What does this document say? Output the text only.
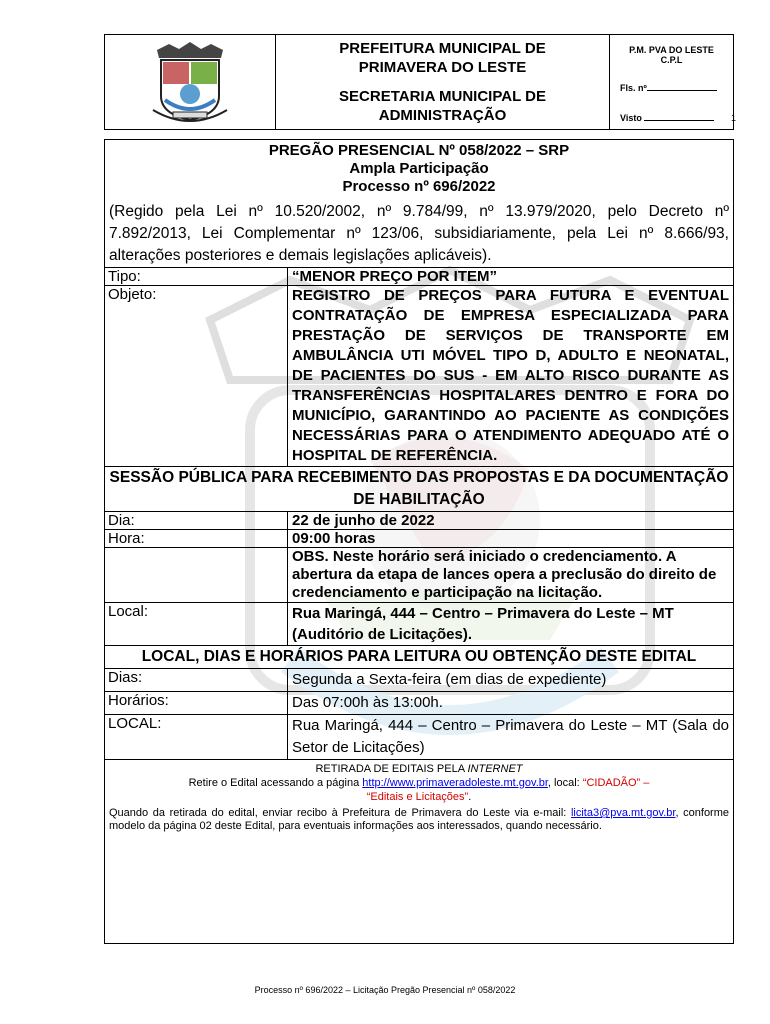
PREFEITURA MUNICIPAL DE
PRIMAVERA DO LESTE
SECRETARIA MUNICIPAL DE
ADMINISTRAÇÃO
P.M. PVA DO LESTE
C.P.L
Fls. nº
Visto	1
PREGÃO PRESENCIAL Nº 058/2022 – SRP
Ampla Participação
Processo nº 696/2022
(Regido pela Lei nº 10.520/2002, nº 9.784/99, nº 13.979/2020, pelo Decreto nº 7.892/2013, Lei Complementar nº 123/06, subsidiariamente, pela Lei nº 8.666/93, alterações posteriores e demais legislações aplicáveis).
Tipo:	“MENOR PREÇO POR ITEM”
Objeto:	REGISTRO DE PREÇOS PARA FUTURA E EVENTUAL CONTRATAÇÃO DE EMPRESA ESPECIALIZADA PARA PRESTAÇÃO DE SERVIÇOS DE TRANSPORTE EM AMBULÂNCIA UTI MÓVEL TIPO D, ADULTO E NEONATAL, DE PACIENTES DO SUS - EM ALTO RISCO DURANTE AS TRANSFERÊNCIAS HOSPITALARES DENTRO E FORA DO MUNICÍPIO, GARANTINDO AO PACIENTE AS CONDIÇÕES NECESSÁRIAS PARA O ATENDIMENTO ADEQUADO ATÉ O HOSPITAL DE REFERÊNCIA.
SESSÃO PÚBLICA PARA RECEBIMENTO DAS PROPOSTAS E DA DOCUMENTAÇÃO DE HABILITAÇÃO
Dia:	22 de junho de 2022
Hora:	09:00 horas
OBS. Neste horário será iniciado o credenciamento. A abertura da etapa de lances opera a preclusão do direito de credenciamento e participação na licitação.
Local:	Rua Maringá, 444 – Centro – Primavera do Leste – MT (Auditório de Licitações).
LOCAL, DIAS E HORÁRIOS PARA LEITURA OU OBTENÇÃO DESTE EDITAL
Dias:	Segunda a Sexta-feira (em dias de expediente)
Horários:	Das 07:00h às 13:00h.
LOCAL:	Rua Maringá, 444 – Centro – Primavera do Leste – MT (Sala do Setor de Licitações)
RETIRADA DE EDITAIS PELA INTERNET
Retire o Edital acessando a página http://www.primaveradoleste.mt.gov.br, local: “CIDADÃO” –
“Editais e Licitações”.
Quando da retirada do edital, enviar recibo à Prefeitura de Primavera do Leste via e-mail: licita3@pva.mt.gov.br, conforme modelo da página 02 deste Edital, para eventuais informações aos interessados, quando necessário.
Processo nº 696/2022 – Licitação Pregão Presencial nº 058/2022
